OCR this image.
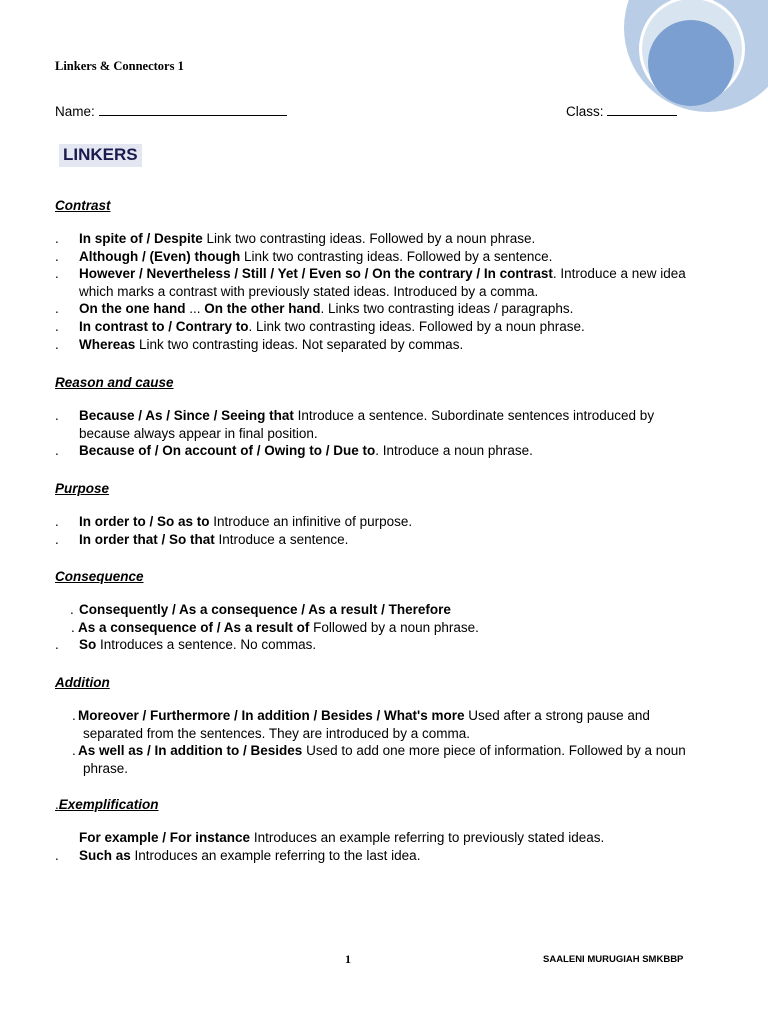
Linkers & Connectors 1
Name:	Class:
LINKERS
Contrast
. In spite of / Despite Link two contrasting ideas. Followed by a noun phrase.
. Although / (Even) though Link two contrasting ideas. Followed by a sentence.
. However / Nevertheless / Still / Yet / Even so / On the contrary / In contrast. Introduce a new idea which marks a contrast with previously stated ideas. Introduced by a comma.
. On the one hand ... On the other hand. Links two contrasting ideas / paragraphs.
. In contrast to / Contrary to. Link two contrasting ideas. Followed by a noun phrase.
. Whereas Link two contrasting ideas. Not separated by commas.
Reason and cause
. Because / As / Since / Seeing that Introduce a sentence. Subordinate sentences introduced by because always appear in final position.
. Because of / On account of / Owing to / Due to. Introduce a noun phrase.
Purpose
. In order to / So as to Introduce an infinitive of purpose.
. In order that / So that Introduce a sentence.
Consequence
. Consequently / As a consequence / As a result / Therefore
. As a consequence of / As a result of Followed by a noun phrase.
. So Introduces a sentence. No commas.
Addition
. Moreover / Furthermore / In addition / Besides / What's more Used after a strong pause and separated from the sentences. They are introduced by a comma.
. As well as / In addition to / Besides Used to add one more piece of information. Followed by a noun phrase.
.Exemplification
For example / For instance Introduces an example referring to previously stated ideas.
. Such as Introduces an example referring to the last idea.
1	SAALENI MURUGIAH SMKBBP
